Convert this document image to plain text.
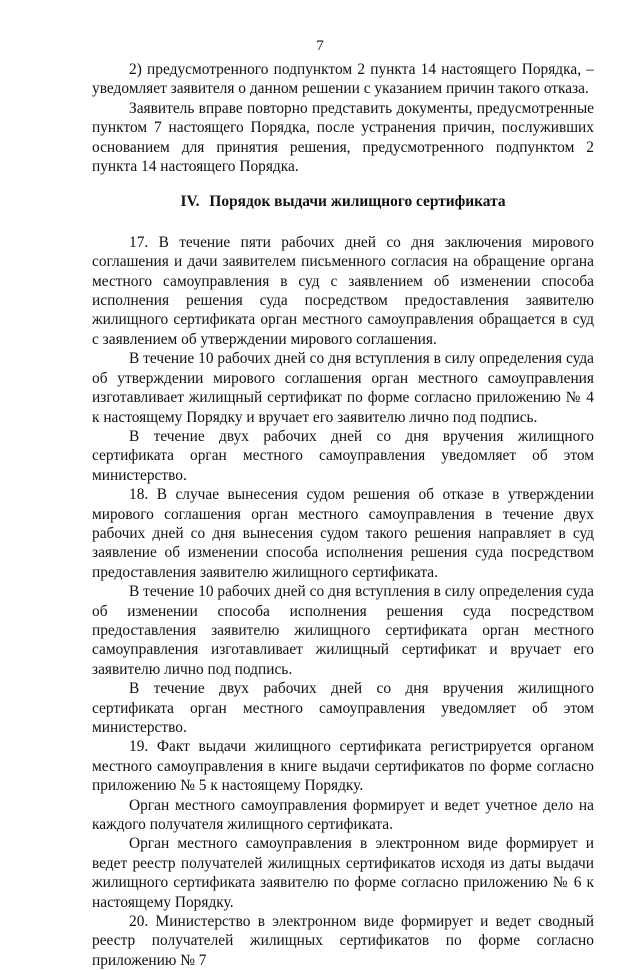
7

2) предусмотренного подпунктом 2 пункта 14 настоящего Порядка, – уведомляет заявителя о данном решении с указанием причин такого отказа.

Заявитель вправе повторно представить документы, предусмотренные пунктом 7 настоящего Порядка, после устранения причин, послуживших основанием для принятия решения, предусмотренного подпунктом 2 пункта 14 настоящего Порядка.

IV. Порядок выдачи жилищного сертификата

17. В течение пяти рабочих дней со дня заключения мирового соглашения и дачи заявителем письменного согласия на обращение органа местного самоуправления в суд с заявлением об изменении способа исполнения решения суда посредством предоставления заявителю жилищного сертификата орган местного самоуправления обращается в суд с заявлением об утверждении мирового соглашения.

В течение 10 рабочих дней со дня вступления в силу определения суда об утверждении мирового соглашения орган местного самоуправления изготавливает жилищный сертификат по форме согласно приложению № 4 к настоящему Порядку и вручает его заявителю лично под подпись.

В течение двух рабочих дней со дня вручения жилищного сертификата орган местного самоуправления уведомляет об этом министерство.

18. В случае вынесения судом решения об отказе в утверждении мирового соглашения орган местного самоуправления в течение двух рабочих дней со дня вынесения судом такого решения направляет в суд заявление об изменении способа исполнения решения суда посредством предоставления заявителю жилищного сертификата.

В течение 10 рабочих дней со дня вступления в силу определения суда об изменении способа исполнения решения суда посредством предоставления заявителю жилищного сертификата орган местного самоуправления изготавливает жилищный сертификат и вручает его заявителю лично под подпись.

В течение двух рабочих дней со дня вручения жилищного сертификата орган местного самоуправления уведомляет об этом министерство.

19. Факт выдачи жилищного сертификата регистрируется органом местного самоуправления в книге выдачи сертификатов по форме согласно приложению № 5 к настоящему Порядку.

Орган местного самоуправления формирует и ведет учетное дело на каждого получателя жилищного сертификата.

Орган местного самоуправления в электронном виде формирует и ведет реестр получателей жилищных сертификатов исходя из даты выдачи жилищного сертификата заявителю по форме согласно приложению № 6 к настоящему Порядку.

20. Министерство в электронном виде формирует и ведет сводный реестр получателей жилищных сертификатов по форме согласно приложению № 7
